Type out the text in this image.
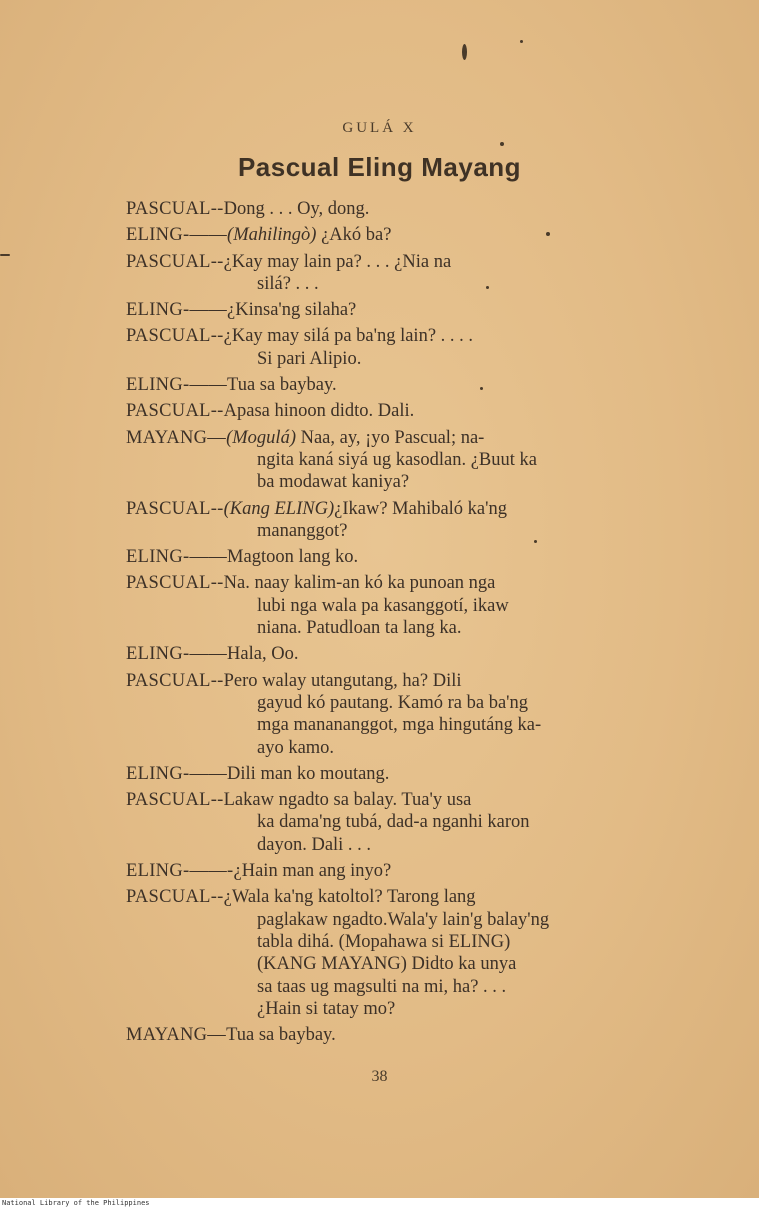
GULÁ X
Pascual Eling Mayang
PASCUAL--Dong . . . Oy, dong.
ELING-——(Mahilingò) ¿Akó ba?
PASCUAL--¿Kay may lain pa? . . . ¿Nia na
silá? . . .
ELING-——¿Kinsa'ng silaha?
PASCUAL--¿Kay may silá pa ba'ng lain? . . . .
Si pari Alipio.
ELING-——Tua sa baybay.
PASCUAL--Apasa hinoon didto. Dali.
MAYANG—(Mogulá) Naa, ay, ¡yo Pascual; na-
ngita kaná siyá ug kasodlan. ¿Buut ka
ba modawat kaniya?
PASCUAL--(Kang ELING)¿Ikaw? Mahibaló ka'ng
mananggot?
ELING-——Magtoon lang ko.
PASCUAL--Na. naay kalim-an kó ka punoan nga
lubi nga wala pa kasanggotí, ikaw
niana. Patudloan ta lang ka.
ELING-——Hala, Oo.
PASCUAL--Pero walay utangutang, ha? Dili
gayud kó pautang. Kamó ra ba ba'ng
mga manananggot, mga hingutáng ka-
ayo kamo.
ELING-——Dili man ko moutang.
PASCUAL--Lakaw ngadto sa balay. Tua'y usa
ka dama'ng tubá, dad-a nganhi karon
dayon. Dali . . .
ELING-——-¿Hain man ang inyo?
PASCUAL--¿Wala ka'ng katoltol? Tarong lang
paglakaw ngadto.Wala'y lain'g balay'ng
tabla dihá. (Mopahawa si ELING)
(KANG MAYANG) Didto ka unya
sa taas ug magsulti na mi, ha? . . .
¿Hain si tatay mo?
MAYANG—Tua sa baybay.
38
National Library of the Philippines
